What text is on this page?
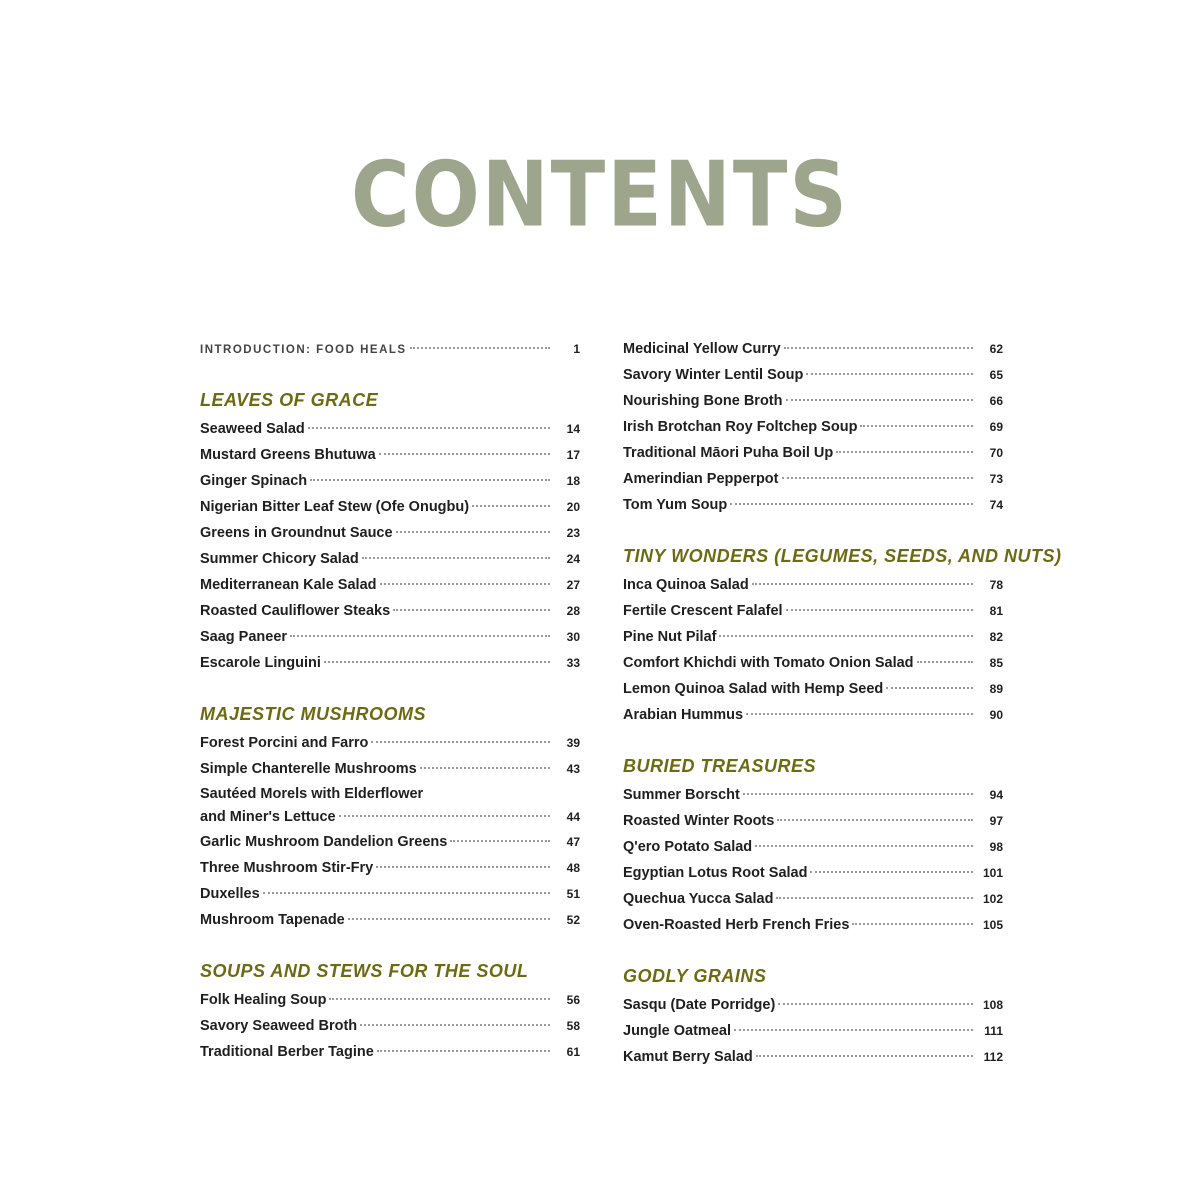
CONTENTS
INTRODUCTION: FOOD HEALS	1
LEAVES OF GRACE
Seaweed Salad	14
Mustard Greens Bhutuwa	17
Ginger Spinach	18
Nigerian Bitter Leaf Stew (Ofe Onugbu)	20
Greens in Groundnut Sauce	23
Summer Chicory Salad	24
Mediterranean Kale Salad	27
Roasted Cauliflower Steaks	28
Saag Paneer	30
Escarole Linguini	33
MAJESTIC MUSHROOMS
Forest Porcini and Farro	39
Simple Chanterelle Mushrooms	43
Sautéed Morels with Elderflower
and Miner's Lettuce	44
Garlic Mushroom Dandelion Greens	47
Three Mushroom Stir-Fry	48
Duxelles	51
Mushroom Tapenade	52
SOUPS AND STEWS FOR THE SOUL
Folk Healing Soup	56
Savory Seaweed Broth	58
Traditional Berber Tagine	61
Medicinal Yellow Curry	62
Savory Winter Lentil Soup	65
Nourishing Bone Broth	66
Irish Brotchan Roy Foltchep Soup	69
Traditional Māori Puha Boil Up	70
Amerindian Pepperpot	73
Tom Yum Soup	74
TINY WONDERS (LEGUMES, SEEDS, AND NUTS)
Inca Quinoa Salad	78
Fertile Crescent Falafel	81
Pine Nut Pilaf	82
Comfort Khichdi with Tomato Onion Salad	85
Lemon Quinoa Salad with Hemp Seed	89
Arabian Hummus	90
BURIED TREASURES
Summer Borscht	94
Roasted Winter Roots	97
Q'ero Potato Salad	98
Egyptian Lotus Root Salad	101
Quechua Yucca Salad	102
Oven-Roasted Herb French Fries	105
GODLY GRAINS
Sasqu (Date Porridge)	108
Jungle Oatmeal	111
Kamut Berry Salad	112
